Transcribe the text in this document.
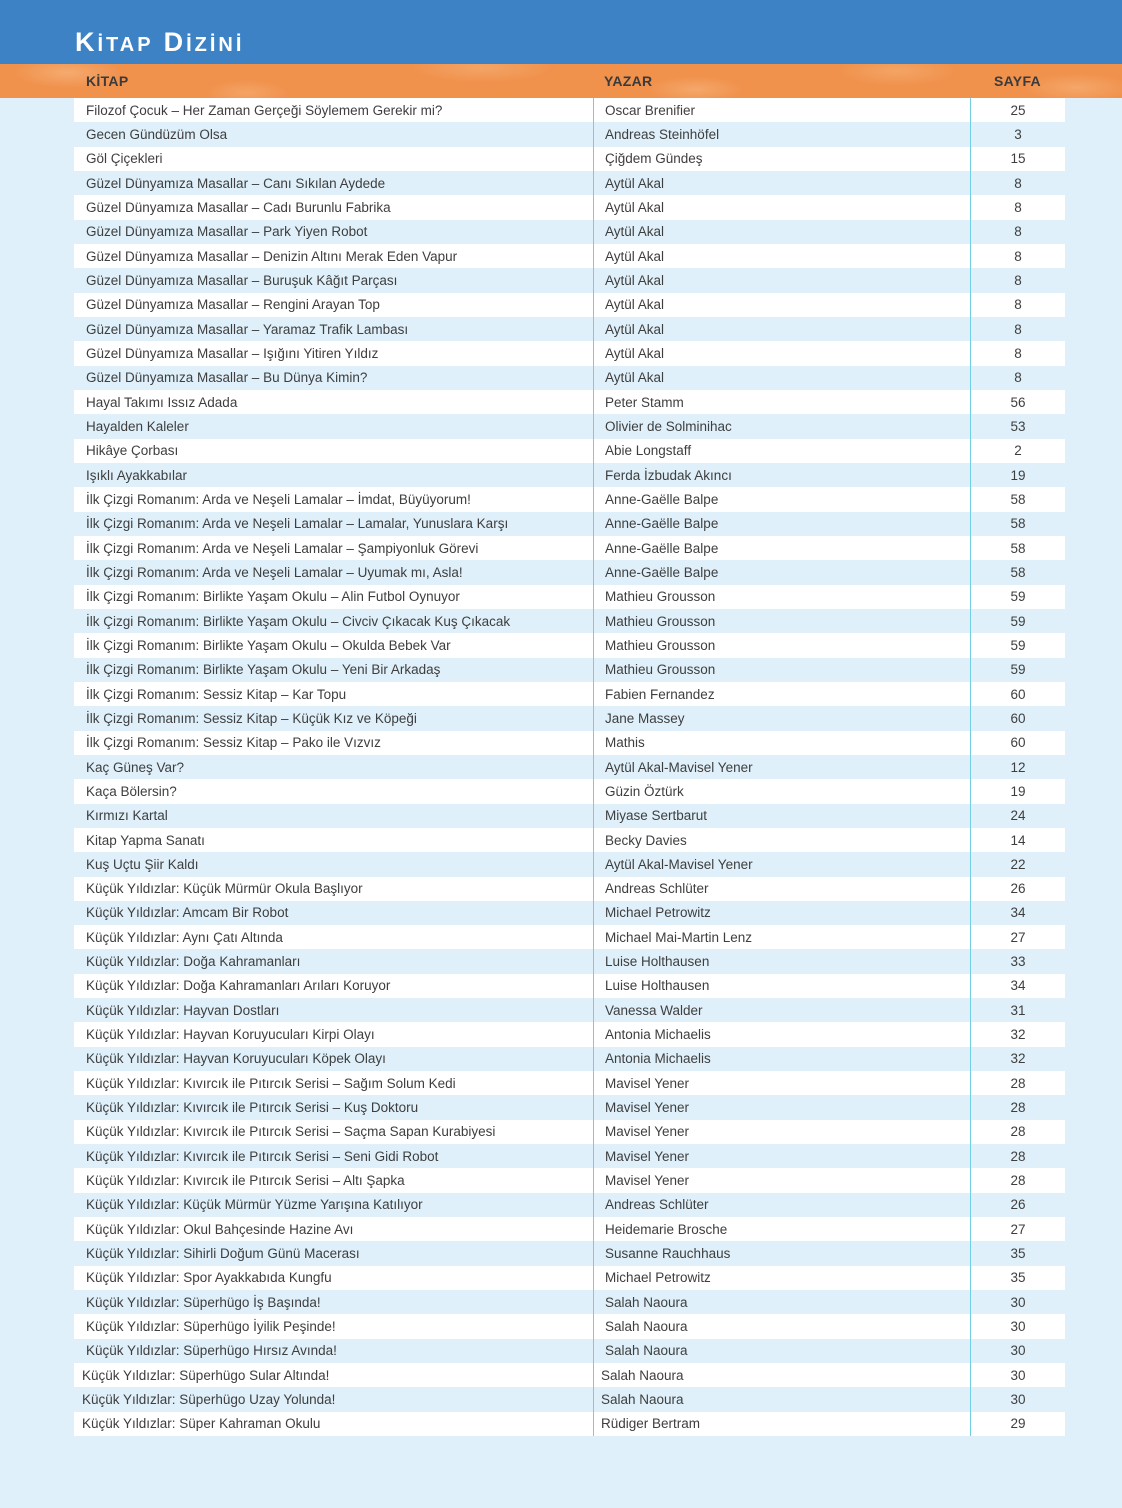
KİTAP DİZİNİ
KİTAP	YAZAR	SAYFA
Filozof Çocuk – Her Zaman Gerçeği Söylemem Gerekir mi?	Oscar Brenifier	25
Gecen Gündüzüm Olsa	Andreas Steinhöfel	3
Göl Çiçekleri	Çiğdem Gündeş	15
Güzel Dünyamıza Masallar – Canı Sıkılan Aydede	Aytül Akal	8
Güzel Dünyamıza Masallar – Cadı Burunlu Fabrika	Aytül Akal	8
Güzel Dünyamıza Masallar – Park Yiyen Robot	Aytül Akal	8
Güzel Dünyamıza Masallar – Denizin Altını Merak Eden Vapur	Aytül Akal	8
Güzel Dünyamıza Masallar – Buruşuk Kâğıt Parçası	Aytül Akal	8
Güzel Dünyamıza Masallar – Rengini Arayan Top	Aytül Akal	8
Güzel Dünyamıza Masallar – Yaramaz Trafik Lambası	Aytül Akal	8
Güzel Dünyamıza Masallar – Işığını Yitiren Yıldız	Aytül Akal	8
Güzel Dünyamıza Masallar – Bu Dünya Kimin?	Aytül Akal	8
Hayal Takımı Issız Adada	Peter Stamm	56
Hayalden Kaleler	Olivier de Solminihac	53
Hikâye Çorbası	Abie Longstaff	2
Işıklı Ayakkabılar	Ferda İzbudak Akıncı	19
İlk Çizgi Romanım: Arda ve Neşeli Lamalar – İmdat, Büyüyorum!	Anne-Gaëlle Balpe	58
İlk Çizgi Romanım: Arda ve Neşeli Lamalar – Lamalar, Yunuslara Karşı	Anne-Gaëlle Balpe	58
İlk Çizgi Romanım: Arda ve Neşeli Lamalar – Şampiyonluk Görevi	Anne-Gaëlle Balpe	58
İlk Çizgi Romanım: Arda ve Neşeli Lamalar – Uyumak mı, Asla!	Anne-Gaëlle Balpe	58
İlk Çizgi Romanım: Birlikte Yaşam Okulu – Alin Futbol Oynuyor	Mathieu Grousson	59
İlk Çizgi Romanım: Birlikte Yaşam Okulu – Civciv Çıkacak Kuş Çıkacak	Mathieu Grousson	59
İlk Çizgi Romanım: Birlikte Yaşam Okulu – Okulda Bebek Var	Mathieu Grousson	59
İlk Çizgi Romanım: Birlikte Yaşam Okulu – Yeni Bir Arkadaş	Mathieu Grousson	59
İlk Çizgi Romanım: Sessiz Kitap – Kar Topu	Fabien Fernandez	60
İlk Çizgi Romanım: Sessiz Kitap – Küçük Kız ve Köpeği	Jane Massey	60
İlk Çizgi Romanım: Sessiz Kitap – Pako ile Vızvız	Mathis	60
Kaç Güneş Var?	Aytül Akal-Mavisel Yener	12
Kaça Bölersin?	Güzin Öztürk	19
Kırmızı Kartal	Miyase Sertbarut	24
Kitap Yapma Sanatı	Becky Davies	14
Kuş Uçtu Şiir Kaldı	Aytül Akal-Mavisel Yener	22
Küçük Yıldızlar: Küçük Mürmür Okula Başlıyor	Andreas Schlüter	26
Küçük Yıldızlar: Amcam Bir Robot	Michael Petrowitz	34
Küçük Yıldızlar: Aynı Çatı Altında	Michael Mai-Martin Lenz	27
Küçük Yıldızlar: Doğa Kahramanları	Luise Holthausen	33
Küçük Yıldızlar: Doğa Kahramanları Arıları Koruyor	Luise Holthausen	34
Küçük Yıldızlar: Hayvan Dostları	Vanessa Walder	31
Küçük Yıldızlar: Hayvan Koruyucuları Kirpi Olayı	Antonia Michaelis	32
Küçük Yıldızlar: Hayvan Koruyucuları Köpek Olayı	Antonia Michaelis	32
Küçük Yıldızlar: Kıvırcık ile Pıtırcık Serisi – Sağım Solum Kedi	Mavisel Yener	28
Küçük Yıldızlar: Kıvırcık ile Pıtırcık Serisi – Kuş Doktoru	Mavisel Yener	28
Küçük Yıldızlar: Kıvırcık ile Pıtırcık Serisi – Saçma Sapan Kurabiyesi	Mavisel Yener	28
Küçük Yıldızlar: Kıvırcık ile Pıtırcık Serisi – Seni Gidi Robot	Mavisel Yener	28
Küçük Yıldızlar: Kıvırcık ile Pıtırcık Serisi – Altı Şapka	Mavisel Yener	28
Küçük Yıldızlar: Küçük Mürmür Yüzme Yarışına Katılıyor	Andreas Schlüter	26
Küçük Yıldızlar: Okul Bahçesinde Hazine Avı	Heidemarie Brosche	27
Küçük Yıldızlar: Sihirli Doğum Günü Macerası	Susanne Rauchhaus	35
Küçük Yıldızlar: Spor Ayakkabıda Kungfu	Michael Petrowitz	35
Küçük Yıldızlar: Süperhügo İş Başında!	Salah Naoura	30
Küçük Yıldızlar: Süperhügo İyilik Peşinde!	Salah Naoura	30
Küçük Yıldızlar: Süperhügo Hırsız Avında!	Salah Naoura	30
Küçük Yıldızlar: Süperhügo Sular Altında!	Salah Naoura	30
Küçük Yıldızlar: Süperhügo Uzay Yolunda!	Salah Naoura	30
Küçük Yıldızlar: Süper Kahraman Okulu	Rüdiger Bertram	29
